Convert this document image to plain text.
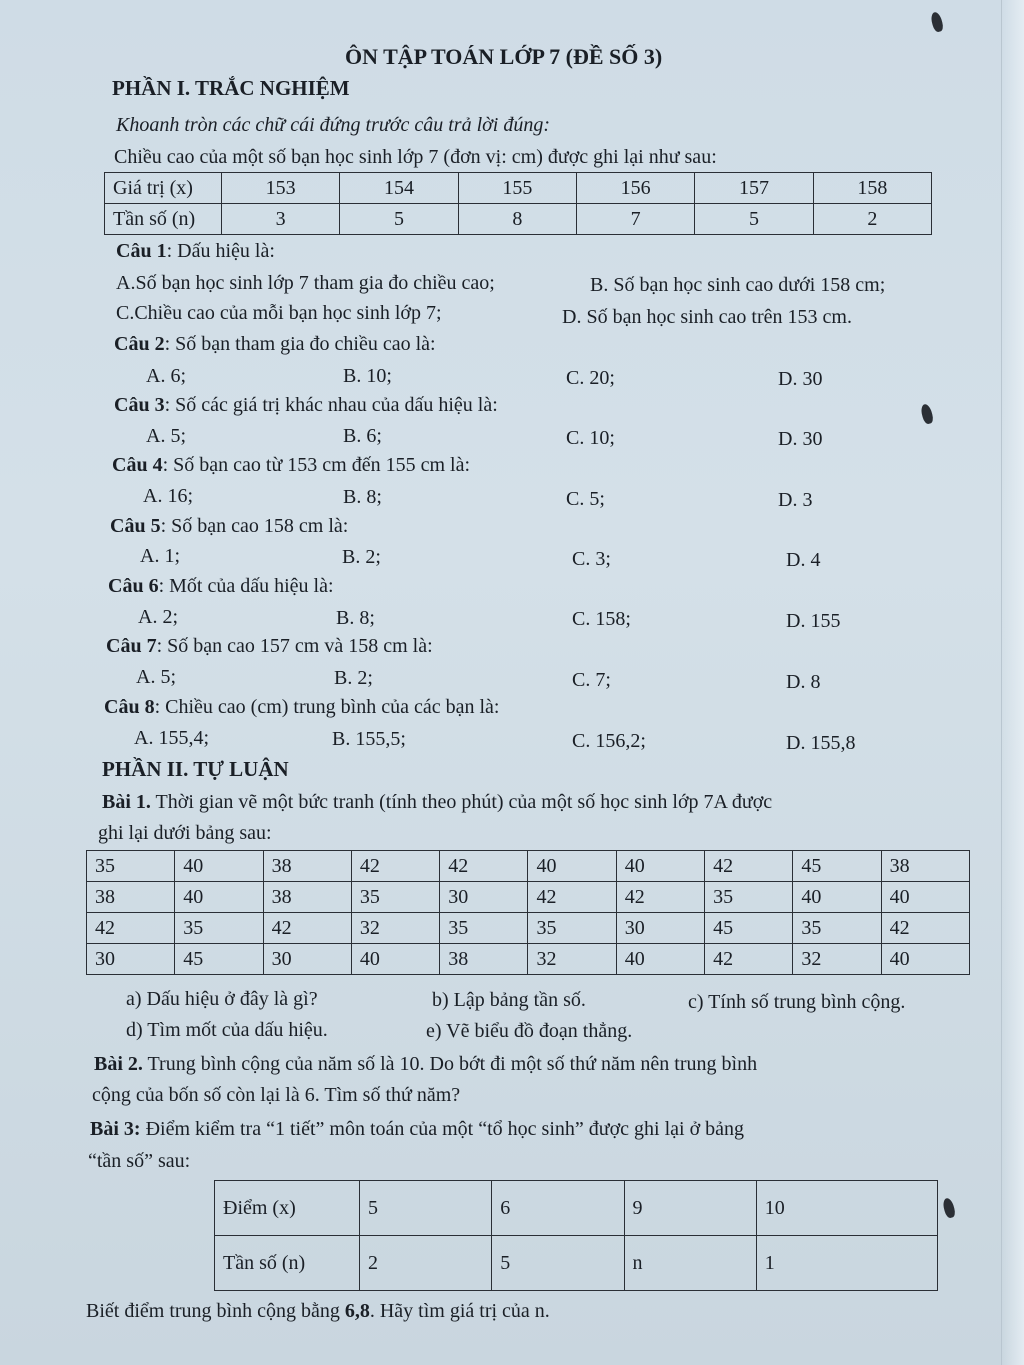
ÔN TẬP TOÁN LỚP 7 (ĐỀ SỐ 3)
PHẦN I. TRẮC NGHIỆM
Khoanh tròn các chữ cái đứng trước câu trả lời đúng:
Chiều cao của một số bạn học sinh lớp 7 (đơn vị: cm) được ghi lại như sau:
Giá trị (x)	153	154	155	156	157	158
Tần số (n)	3	5	8	7	5	2
Câu 1: Dấu hiệu là:
A.Số bạn học sinh lớp 7 tham gia đo chiều cao;	B. Số bạn học sinh cao dưới 158 cm;
C.Chiều cao của mỗi bạn học sinh lớp 7;	D. Số bạn học sinh cao trên 153 cm.
Câu 2: Số bạn tham gia đo chiều cao là:
A. 6;	B. 10;	C. 20;	D. 30
Câu 3: Số các giá trị khác nhau của dấu hiệu là:
A. 5;	B. 6;	C. 10;	D. 30
Câu 4: Số bạn cao từ 153 cm đến 155 cm là:
A. 16;	B. 8;	C. 5;	D. 3
Câu 5: Số bạn cao 158 cm là:
A. 1;	B. 2;	C. 3;	D. 4
Câu 6: Mốt của dấu hiệu là:
A. 2;	B. 8;	C. 158;	D. 155
Câu 7: Số bạn cao 157 cm và 158 cm là:
A. 5;	B. 2;	C. 7;	D. 8
Câu 8: Chiều cao (cm) trung bình của các bạn là:
A. 155,4;	B. 155,5;	C. 156,2;	D. 155,8
PHẦN II. TỰ LUẬN
Bài 1. Thời gian vẽ một bức tranh (tính theo phút) của một số học sinh lớp 7A được
ghi lại dưới bảng sau:
35	40	38	42	42	40	40	42	45	38
38	40	38	35	30	42	42	35	40	40
42	35	42	32	35	35	30	45	35	42
30	45	30	40	38	32	40	42	32	40
a) Dấu hiệu ở đây là gì?	b) Lập bảng tần số.	c) Tính số trung bình cộng.
d) Tìm mốt của dấu hiệu.	e) Vẽ biểu đồ đoạn thẳng.
Bài 2. Trung bình cộng của năm số là 10. Do bớt đi một số thứ năm nên trung bình
cộng của bốn số còn lại là 6. Tìm số thứ năm?
Bài 3: Điểm kiểm tra “1 tiết” môn toán của một “tổ học sinh” được ghi lại ở bảng
“tần số” sau:
Điểm (x)	5	6	9	10
Tần số (n)	2	5	n	1
Biết điểm trung bình cộng bằng 6,8. Hãy tìm giá trị của n.
